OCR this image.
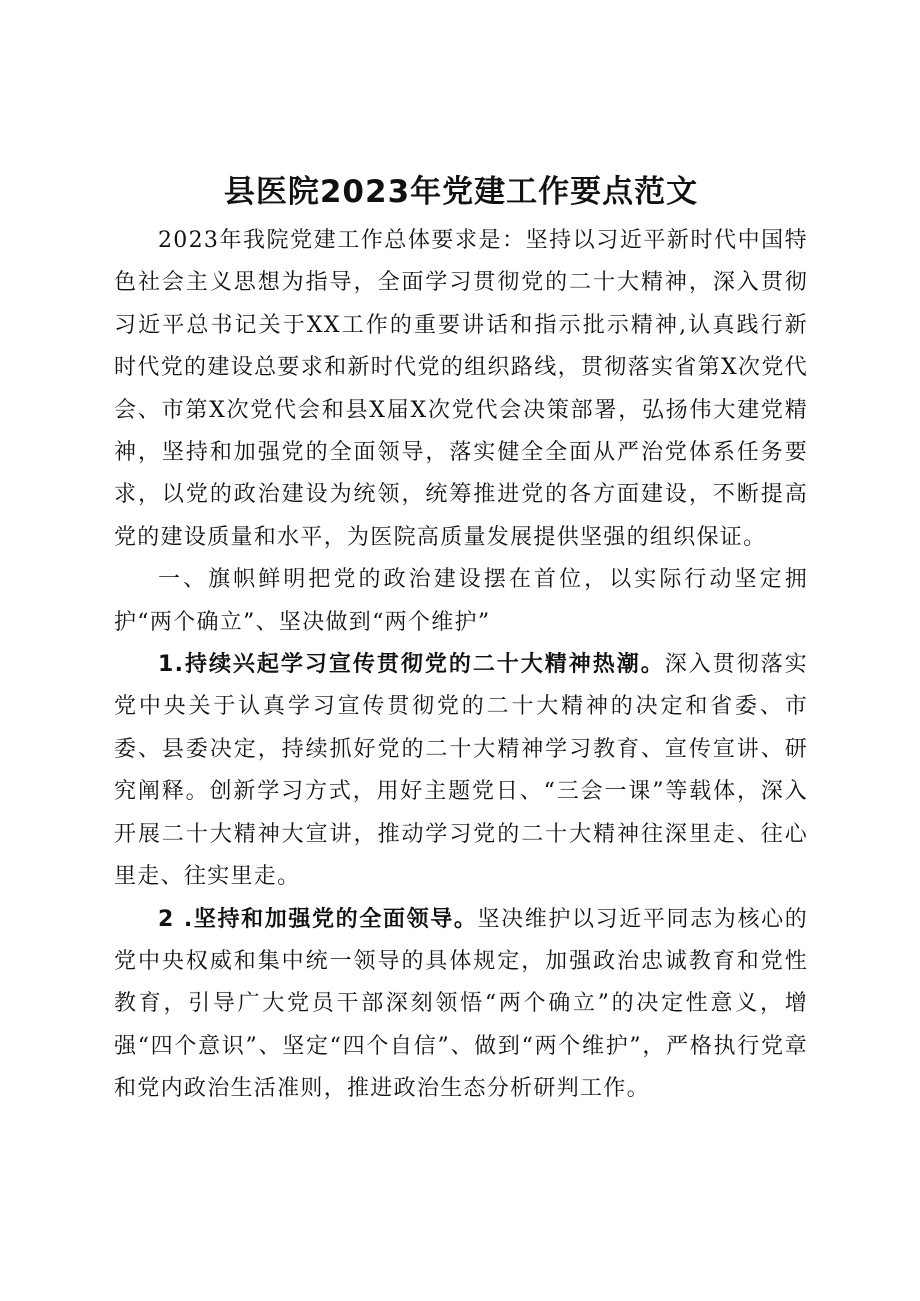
县医院2023年党建工作要点范文

2023年我院党建工作总体要求是：坚持以习近平新时代中国特色社会主义思想为指导，全面学习贯彻党的二十大精神，深入贯彻习近平总书记关于XX工作的重要讲话和指示批示精神,认真践行新时代党的建设总要求和新时代党的组织路线，贯彻落实省第X次党代会、市第X次党代会和县X届X次党代会决策部署，弘扬伟大建党精神，坚持和加强党的全面领导，落实健全全面从严治党体系任务要求，以党的政治建设为统领，统筹推进党的各方面建设，不断提高党的建设质量和水平，为医院高质量发展提供坚强的组织保证。

一、旗帜鲜明把党的政治建设摆在首位，以实际行动坚定拥护“两个确立”、坚决做到“两个维护”

1.持续兴起学习宣传贯彻党的二十大精神热潮。深入贯彻落实党中央关于认真学习宣传贯彻党的二十大精神的决定和省委、市委、县委决定，持续抓好党的二十大精神学习教育、宣传宣讲、研究阐释。创新学习方式，用好主题党日、“三会一课”等载体，深入开展二十大精神大宣讲，推动学习党的二十大精神往深里走、往心里走、往实里走。

2 .坚持和加强党的全面领导。坚决维护以习近平同志为核心的党中央权威和集中统一领导的具体规定，加强政治忠诚教育和党性教育，引导广大党员干部深刻领悟“两个确立”的决定性意义，增强“四个意识”、坚定“四个自信”、做到“两个维护”，严格执行党章和党内政治生活准则，推进政治生态分析研判工作。
